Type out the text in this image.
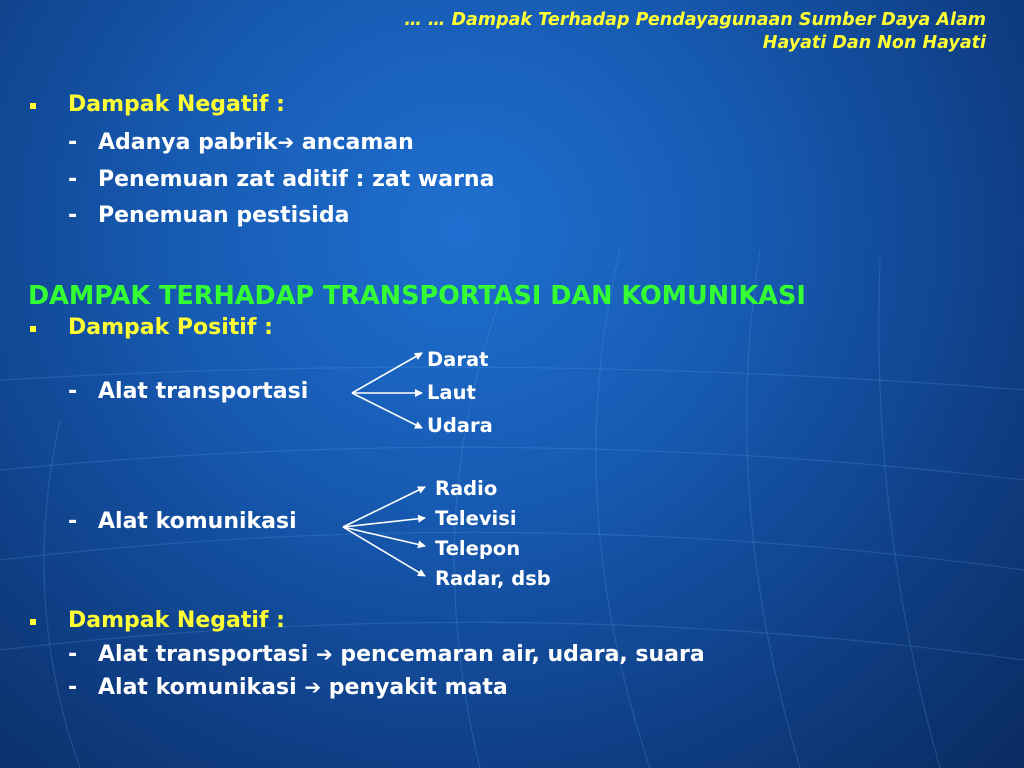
… … Dampak Terhadap Pendayagunaan Sumber Daya Alam
Hayati Dan Non Hayati
Dampak Negatif :
- Adanya pabrik➔ ancaman
- Penemuan zat aditif : zat warna
- Penemuan pestisida
DAMPAK TERHADAP TRANSPORTASI DAN KOMUNIKASI
Dampak Positif :
- Alat transportasi
Darat
Laut
Udara
- Alat komunikasi
Radio
Televisi
Telepon
Radar, dsb
Dampak Negatif :
- Alat transportasi ➔ pencemaran air, udara, suara
- Alat komunikasi ➔ penyakit mata
